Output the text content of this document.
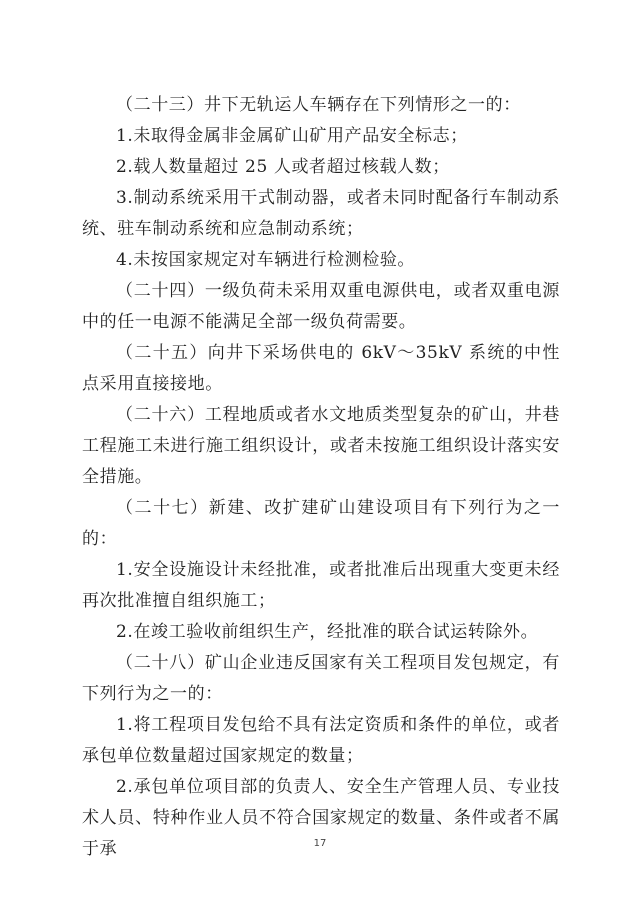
（二十三）井下无轨运人车辆存在下列情形之一的：

1.未取得金属非金属矿山矿用产品安全标志；

2.载人数量超过 25 人或者超过核载人数；

3.制动系统采用干式制动器，或者未同时配备行车制动系统、驻车制动系统和应急制动系统；

4.未按国家规定对车辆进行检测检验。

（二十四）一级负荷未采用双重电源供电，或者双重电源中的任一电源不能满足全部一级负荷需要。

（二十五）向井下采场供电的 6kV～35kV 系统的中性点采用直接接地。

（二十六）工程地质或者水文地质类型复杂的矿山，井巷工程施工未进行施工组织设计，或者未按施工组织设计落实安全措施。

（二十七）新建、改扩建矿山建设项目有下列行为之一的：

1.安全设施设计未经批准，或者批准后出现重大变更未经再次批准擅自组织施工；

2.在竣工验收前组织生产，经批准的联合试运转除外。

（二十八）矿山企业违反国家有关工程项目发包规定，有下列行为之一的：

1.将工程项目发包给不具有法定资质和条件的单位，或者承包单位数量超过国家规定的数量；

2.承包单位项目部的负责人、安全生产管理人员、专业技术人员、特种作业人员不符合国家规定的数量、条件或者不属于承	17
